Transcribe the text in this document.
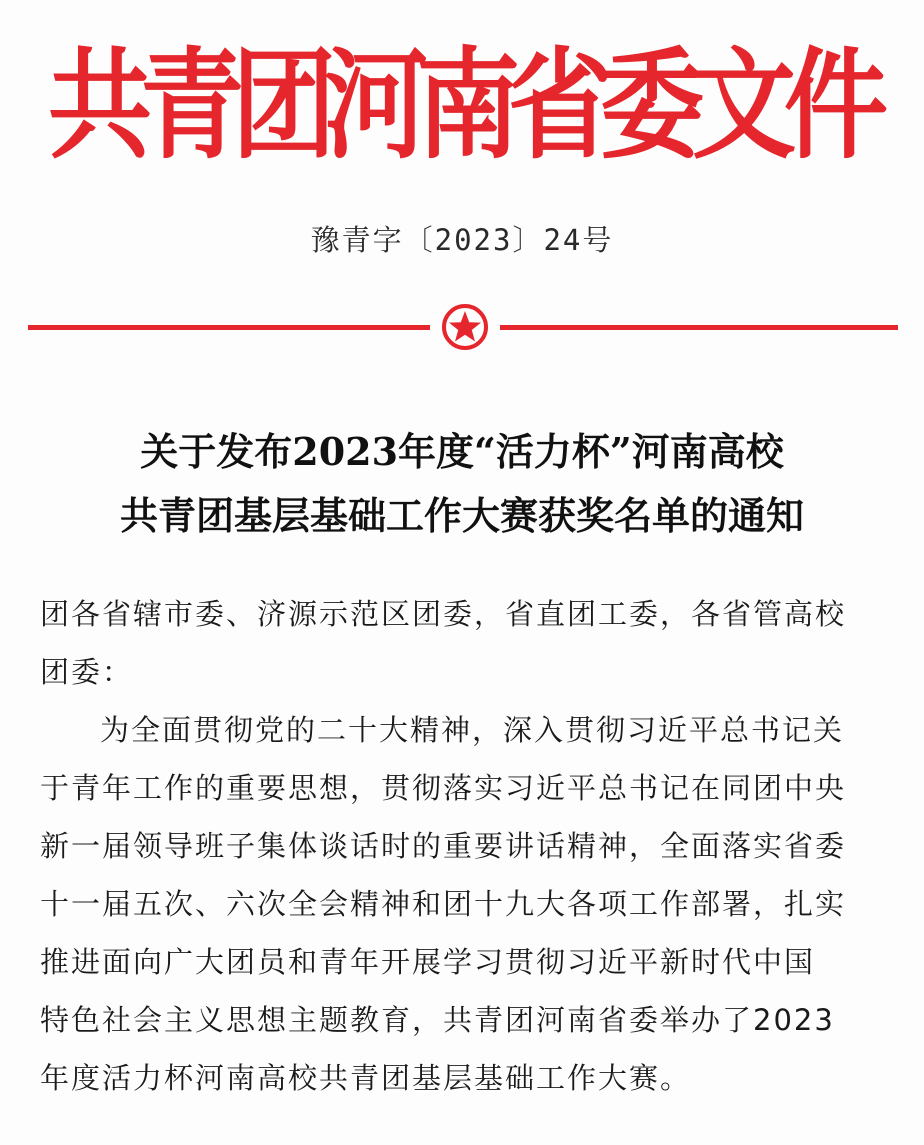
共青团河南省委文件
豫青字〔2023〕24号
关于发布2023年度“活力杯”河南高校
共青团基层基础工作大赛获奖名单的通知
团各省辖市委、济源示范区团委，省直团工委，各省管高校
团委：
为全面贯彻党的二十大精神，深入贯彻习近平总书记关
于青年工作的重要思想，贯彻落实习近平总书记在同团中央
新一届领导班子集体谈话时的重要讲话精神，全面落实省委
十一届五次、六次全会精神和团十九大各项工作部署，扎实
推进面向广大团员和青年开展学习贯彻习近平新时代中国
特色社会主义思想主题教育，共青团河南省委举办了2023
年度活力杯河南高校共青团基层基础工作大赛。
